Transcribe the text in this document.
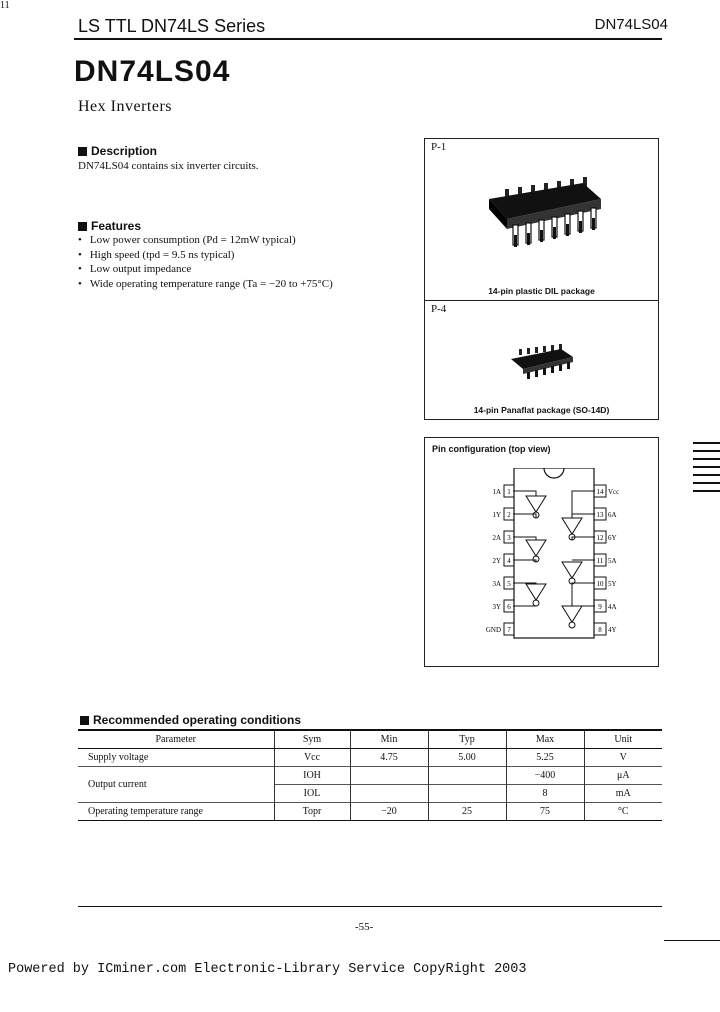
11
LS TTL DN74LS Series	DN74LS04
DN74LS04
Hex Inverters
Description
DN74LS04 contains six inverter circuits.
Features
• Low power consumption (Pd = 12mW typical)
• High speed (tpd = 9.5 ns typical)
• Low output impedance
• Wide operating temperature range (Ta = −20 to +75°C)
P-1
14-pin plastic DIL package
P-4
14-pin Panaflat package (SO-14D)
Pin configuration (top view)
1
1A
2
1Y
3
2A
4
2Y
5
3A
6
3Y
7
GND
14 Vcc
13 6A
12 6Y
11 5A
10 5Y
9 4A
8 4Y
Recommended operating conditions
Parameter	Sym	Min	Typ	Max	Unit
Supply voltage	Vcc	4.75	5.00	5.25	V
Output current	IOH			−400	μA
	IOL			8	mA
Operating temperature range	Topr	−20	25	75	°C
-55-
Powered by ICminer.com Electronic-Library Service CopyRight 2003
